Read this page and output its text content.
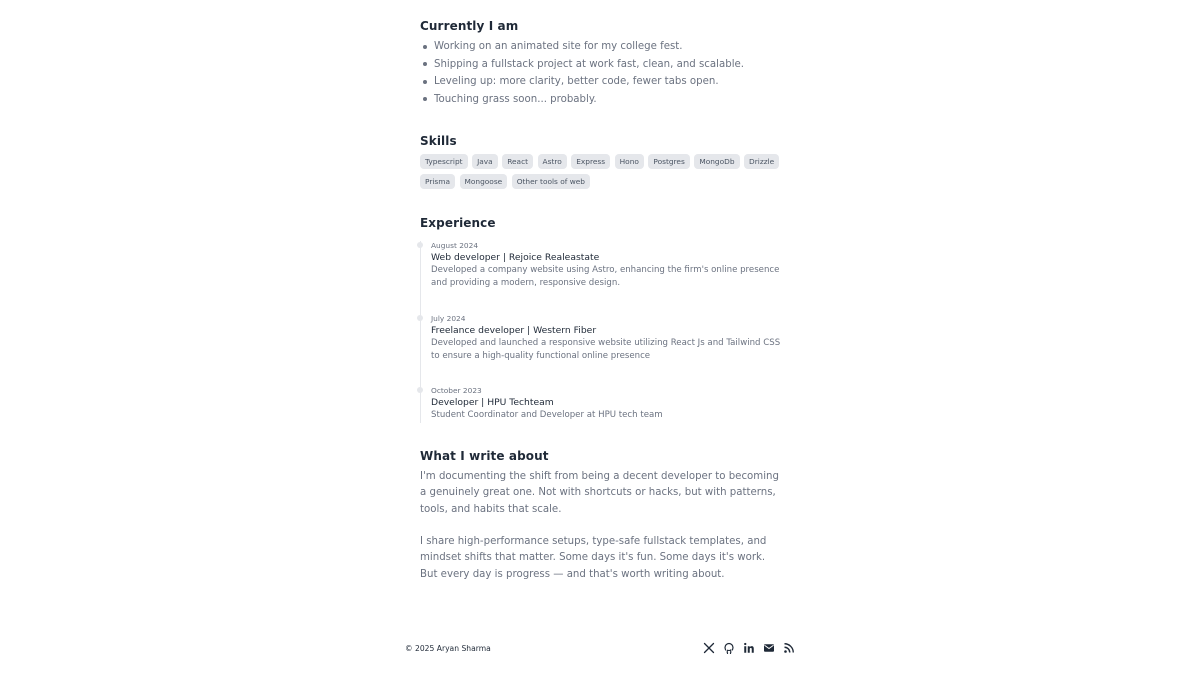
Currently I am
Working on an animated site for my college fest.
Shipping a fullstack project at work fast, clean, and scalable.
Leveling up: more clarity, better code, fewer tabs open.
Touching grass soon... probably.
Skills
Typescript	Java	React	Astro	Express	Hono	Postgres	MongoDb	Drizzle
Prisma	Mongoose	Other tools of web
Experience
August 2024
Web developer | Rejoice Realeastate
Developed a company website using Astro, enhancing the firm's online presence and providing a modern, responsive design.
July 2024
Freelance developer | Western Fiber
Developed and launched a responsive website utilizing React Js and Tailwind CSS to ensure a high-quality functional online presence
October 2023
Developer | HPU Techteam
Student Coordinator and Developer at HPU tech team
What I write about

I'm documenting the shift from being a decent developer to becoming a genuinely great one. Not with shortcuts or hacks, but with patterns, tools, and habits that scale.

I share high-performance setups, type-safe fullstack templates, and mindset shifts that matter. Some days it's fun. Some days it's work. But every day is progress — and that's worth writing about.

© 2025 Aryan Sharma
